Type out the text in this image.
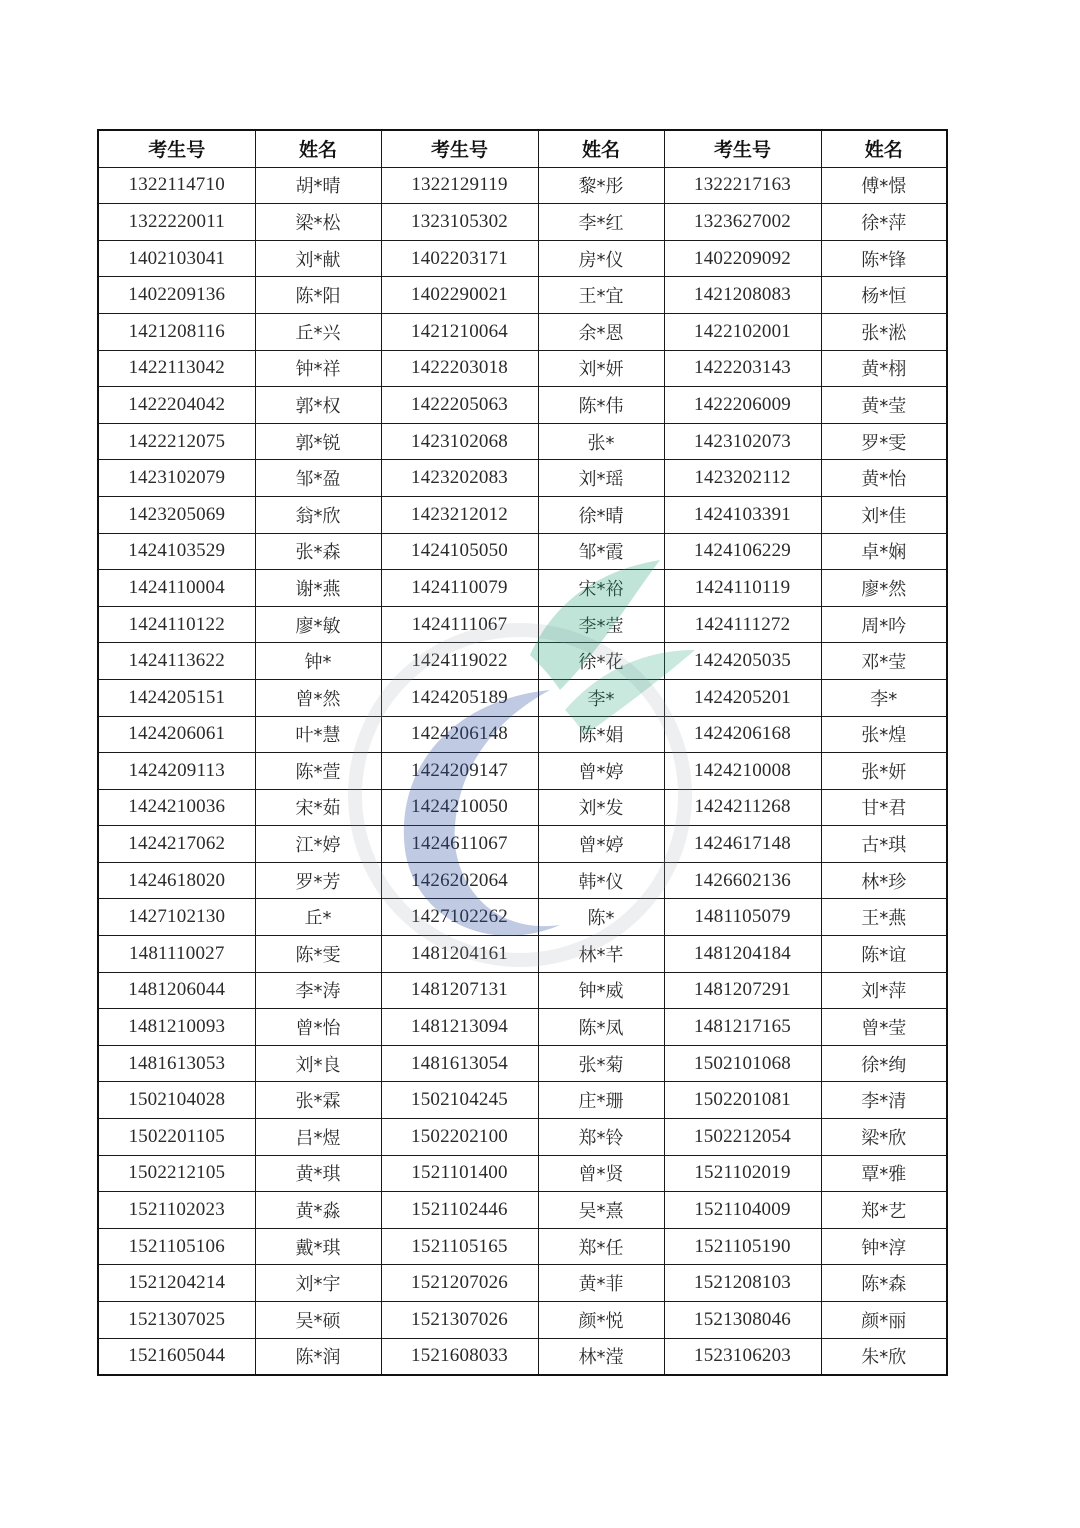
考生号	姓名	考生号	姓名	考生号	姓名
1322114710	胡*晴	1322129119	黎*彤	1322217163	傅*憬
1322220011	梁*松	1323105302	李*红	1323627002	徐*萍
1402103041	刘*献	1402203171	房*仪	1402209092	陈*锋
1402209136	陈*阳	1402290021	王*宜	1421208083	杨*恒
1421208116	丘*兴	1421210064	余*恩	1422102001	张*淞
1422113042	钟*祥	1422203018	刘*妍	1422203143	黄*栩
1422204042	郭*权	1422205063	陈*伟	1422206009	黄*莹
1422212075	郭*锐	1423102068	张*	1423102073	罗*雯
1423102079	邹*盈	1423202083	刘*瑶	1423202112	黄*怡
1423205069	翁*欣	1423212012	徐*晴	1424103391	刘*佳
1424103529	张*森	1424105050	邹*霞	1424106229	卓*娴
1424110004	谢*燕	1424110079	宋*裕	1424110119	廖*然
1424110122	廖*敏	1424111067	李*莹	1424111272	周*吟
1424113622	钟*	1424119022	徐*花	1424205035	邓*莹
1424205151	曾*然	1424205189	李*	1424205201	李*
1424206061	叶*慧	1424206148	陈*娟	1424206168	张*煌
1424209113	陈*萱	1424209147	曾*婷	1424210008	张*妍
1424210036	宋*茹	1424210050	刘*发	1424211268	甘*君
1424217062	江*婷	1424611067	曾*婷	1424617148	古*琪
1424618020	罗*芳	1426202064	韩*仪	1426602136	林*珍
1427102130	丘*	1427102262	陈*	1481105079	王*燕
1481110027	陈*雯	1481204161	林*芊	1481204184	陈*谊
1481206044	李*涛	1481207131	钟*威	1481207291	刘*萍
1481210093	曾*怡	1481213094	陈*凤	1481217165	曾*莹
1481613053	刘*良	1481613054	张*菊	1502101068	徐*绚
1502104028	张*霖	1502104245	庄*珊	1502201081	李*清
1502201105	吕*煜	1502202100	郑*铃	1502212054	梁*欣
1502212105	黄*琪	1521101400	曾*贤	1521102019	覃*雅
1521102023	黄*淼	1521102446	吴*熹	1521104009	郑*艺
1521105106	戴*琪	1521105165	郑*任	1521105190	钟*淳
1521204214	刘*宇	1521207026	黄*菲	1521208103	陈*森
1521307025	吴*硕	1521307026	颜*悦	1521308046	颜*丽
1521605044	陈*润	1521608033	林*滢	1523106203	朱*欣
